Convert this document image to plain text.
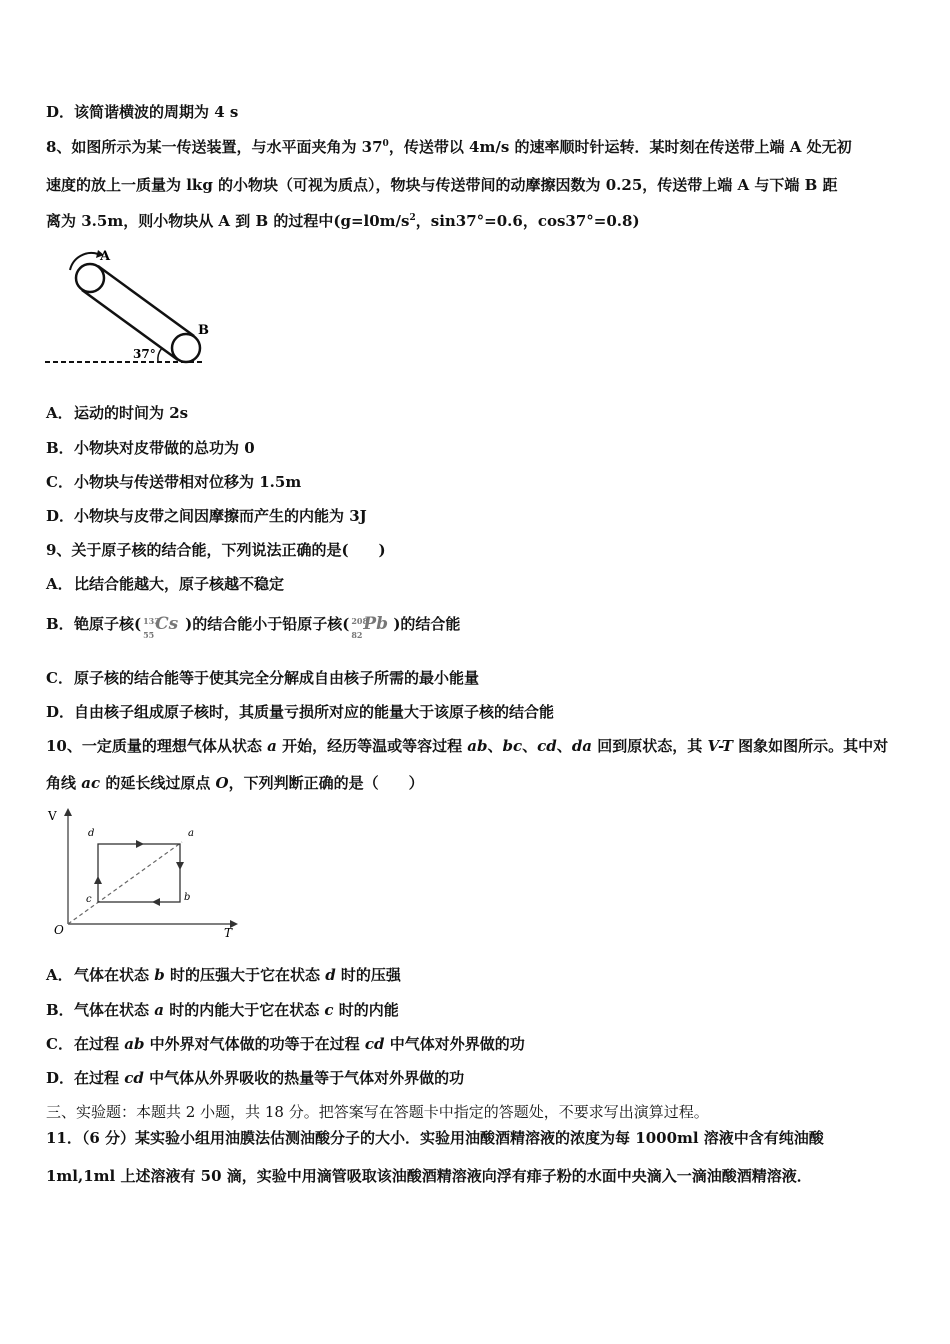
D．该简谐横波的周期为 4 s
8、如图所示为某一传送装置，与水平面夹角为 $37^0$，传送带以 4m/s 的速率顺时针运转．某时刻在传送带上端 A 处无初
速度的放上一质量为 lkg 的小物块（可视为质点），物块与传送带间的动摩擦因数为 0.25，传送带上端 A 与下端 B 距
离为 3.5m，则小物块从 A 到 B 的过程中($g=l0m/s^2$，sin37°=0.6，cos37°=0.8)
A
B
37°
A．运动的时间为 2s
B．小物块对皮带做的总功为 0
C．小物块与传送带相对位移为 1.5m
D．小物块与皮带之间因摩擦而产生的内能为 3J
9、关于原子核的结合能，下列说法正确的是(　　)
A．比结合能越大，原子核越不稳定
B．铯原子核( 133
55
Cs )的结合能小于铅原子核( 208
82
Pb )的结合能
C．原子核的结合能等于使其完全分解成自由核子所需的最小能量
D．自由核子组成原子核时，其质量亏损所对应的能量大于该原子核的结合能
10、一定质量的理想气体从状态 a 开始，经历等温或等容过程 ab、bc、cd、da 回到原状态，其 V-T 图象如图所示。其中对
角线 ac 的延长线过原点 O，下列判断正确的是（　　）
V
T
O
d	a
b
c
A．气体在状态 b 时的压强大于它在状态 d 时的压强
B．气体在状态 a 时的内能大于它在状态 c 时的内能
C．在过程 ab 中外界对气体做的功等于在过程 cd 中气体对外界做的功
D．在过程 cd 中气体从外界吸收的热量等于气体对外界做的功
三、实验题：本题共 2 小题，共 18 分。把答案写在答题卡中指定的答题处，不要求写出演算过程。
11．（6 分）某实验小组用油膜法估测油酸分子的大小．实验用油酸酒精溶液的浓度为每 1000ml 溶液中含有纯油酸
1ml,1ml 上述溶液有 50 滴，实验中用滴管吸取该油酸酒精溶液向浮有痱子粉的水面中央滴入一滴油酸酒精溶液．
